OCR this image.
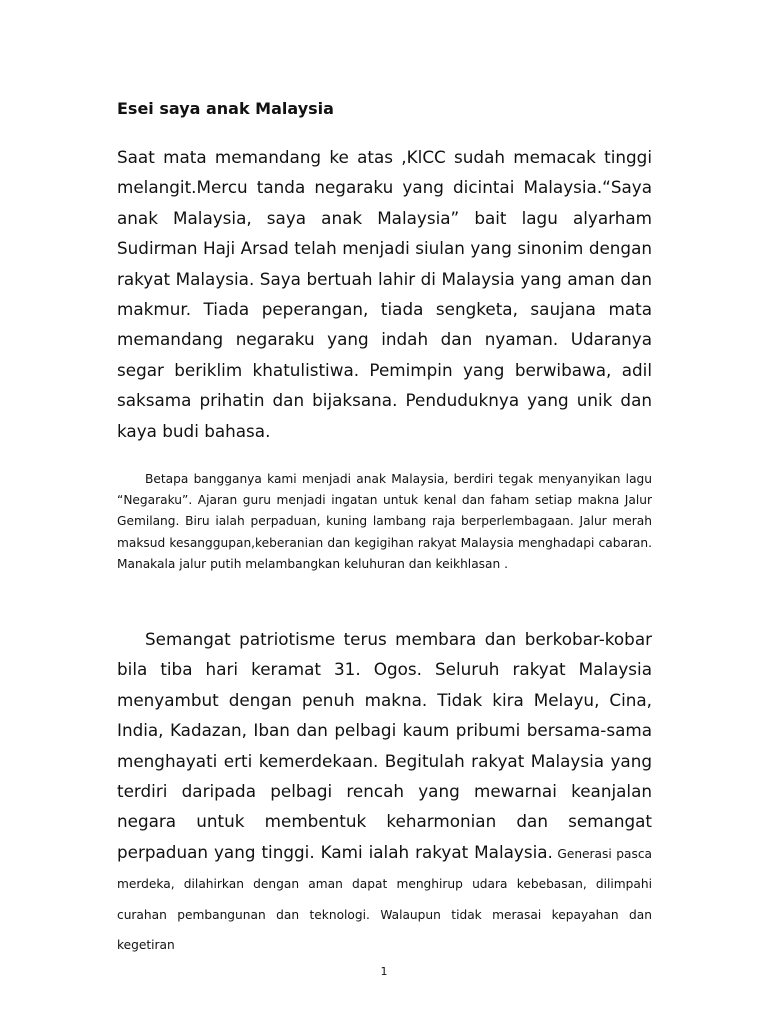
Esei saya anak Malaysia

Saat mata memandang ke atas ,KlCC sudah memacak tinggi melangit.Mercu tanda negaraku yang dicintai Malaysia.“Saya anak Malaysia, saya anak Malaysia” bait lagu alyarham Sudirman Haji Arsad telah menjadi siulan yang sinonim dengan rakyat Malaysia. Saya bertuah lahir di Malaysia yang aman dan makmur. Tiada peperangan, tiada sengketa, saujana mata memandang negaraku yang indah dan nyaman. Udaranya segar beriklim khatulistiwa. Pemimpin yang berwibawa, adil saksama prihatin dan bijaksana. Penduduknya yang unik dan kaya budi bahasa.

Betapa bangganya kami menjadi anak Malaysia, berdiri tegak menyanyikan lagu “Negaraku”. Ajaran guru menjadi ingatan untuk kenal dan faham setiap makna Jalur Gemilang. Biru ialah perpaduan, kuning lambang raja berperlembagaan. Jalur merah maksud kesanggupan,keberanian dan kegigihan rakyat Malaysia menghadapi cabaran. Manakala jalur putih melambangkan keluhuran dan keikhlasan .

Semangat patriotisme terus membara dan berkobar-kobar bila tiba hari keramat 31. Ogos. Seluruh rakyat Malaysia menyambut dengan penuh makna. Tidak kira Melayu, Cina, India, Kadazan, Iban dan pelbagi kaum pribumi bersama-sama menghayati erti kemerdekaan. Begitulah rakyat Malaysia yang terdiri daripada pelbagi rencah yang mewarnai keanjalan negara untuk membentuk keharmonian dan semangat perpaduan yang tinggi. Kami ialah rakyat Malaysia. Generasi pasca merdeka, dilahirkan dengan aman dapat menghirup udara kebebasan, dilimpahi curahan pembangunan dan teknologi. Walaupun tidak merasai kepayahan dan kegetiran

1
